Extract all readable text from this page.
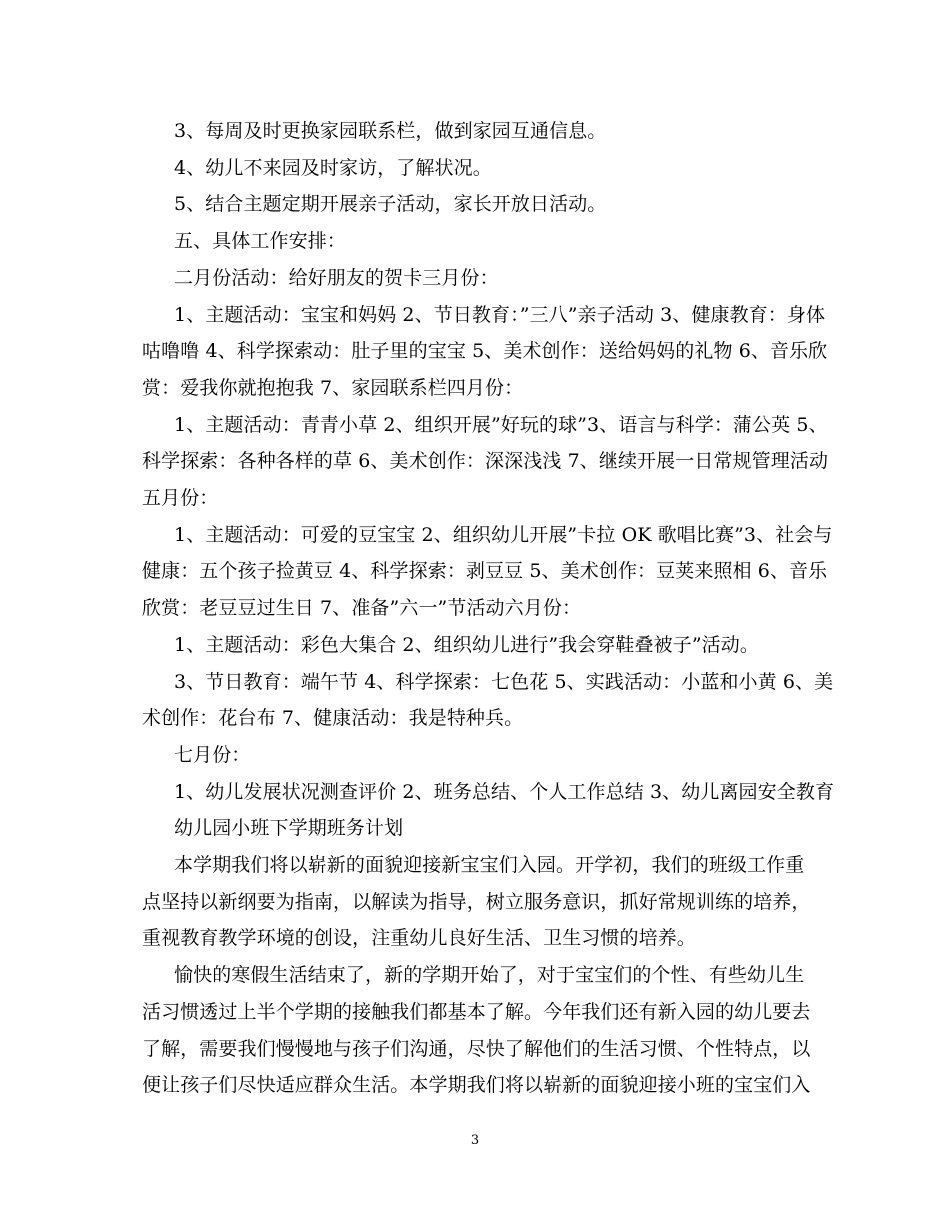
3、每周及时更换家园联系栏，做到家园互通信息。

4、幼儿不来园及时家访，了解状况。

5、结合主题定期开展亲子活动，家长开放日活动。

五、具体工作安排：

二月份活动：给好朋友的贺卡三月份：

1、主题活动：宝宝和妈妈 2、节日教育：”三八”亲子活动 3、健康教育：身体

咕噜噜 4、科学探索动：肚子里的宝宝 5、美术创作：送给妈妈的礼物 6、音乐欣

赏：爱我你就抱抱我 7、家园联系栏四月份：

1、主题活动：青青小草 2、组织开展”好玩的球”3、语言与科学：蒲公英 5、

科学探索：各种各样的草 6、美术创作：深深浅浅 7、继续开展一日常规管理活动

五月份：

1、主题活动：可爱的豆宝宝 2、组织幼儿开展”卡拉 OK 歌唱比赛”3、社会与

健康：五个孩子捡黄豆 4、科学探索：剥豆豆 5、美术创作：豆荚来照相 6、音乐

欣赏：老豆豆过生日 7、准备”六一”节活动六月份：

1、主题活动：彩色大集合 2、组织幼儿进行”我会穿鞋叠被子”活动。

3、节日教育：端午节 4、科学探索：七色花 5、实践活动：小蓝和小黄 6、美

术创作：花台布 7、健康活动：我是特种兵。

七月份：

1、幼儿发展状况测查评价 2、班务总结、个人工作总结 3、幼儿离园安全教育

幼儿园小班下学期班务计划

本学期我们将以崭新的面貌迎接新宝宝们入园。开学初，我们的班级工作重

点坚持以新纲要为指南，以解读为指导，树立服务意识，抓好常规训练的培养，

重视教育教学环境的创设，注重幼儿良好生活、卫生习惯的培养。

愉快的寒假生活结束了，新的学期开始了，对于宝宝们的个性、有些幼儿生

活习惯透过上半个学期的接触我们都基本了解。今年我们还有新入园的幼儿要去

了解，需要我们慢慢地与孩子们沟通，尽快了解他们的生活习惯、个性特点，以

便让孩子们尽快适应群众生活。本学期我们将以崭新的面貌迎接小班的宝宝们入

3
